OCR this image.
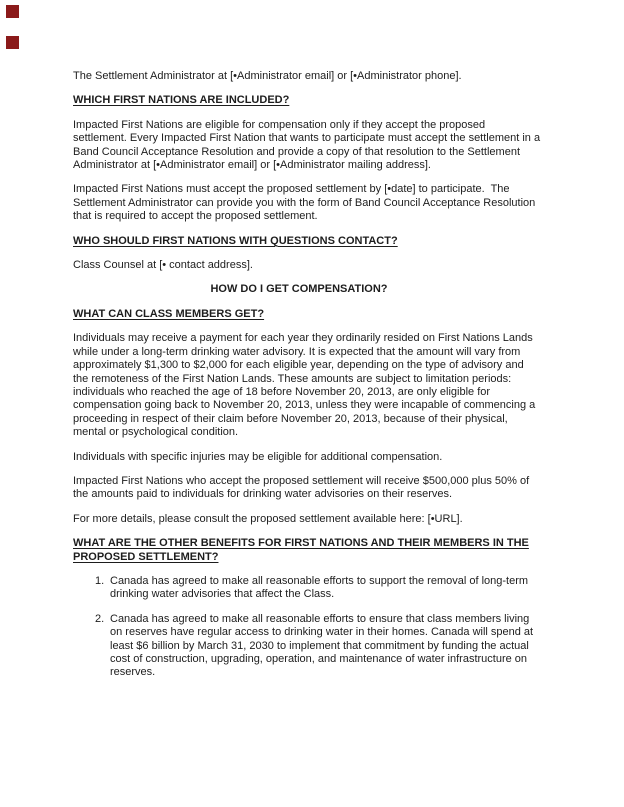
The Settlement Administrator at [•Administrator email] or [•Administrator phone].
WHICH FIRST NATIONS ARE INCLUDED?
Impacted First Nations are eligible for compensation only if they accept the proposed
settlement. Every Impacted First Nation that wants to participate must accept the settlement in a
Band Council Acceptance Resolution and provide a copy of that resolution to the Settlement
Administrator at [•Administrator email] or [•Administrator mailing address].
Impacted First Nations must accept the proposed settlement by [•date] to participate.  The
Settlement Administrator can provide you with the form of Band Council Acceptance Resolution
that is required to accept the proposed settlement.
WHO SHOULD FIRST NATIONS WITH QUESTIONS CONTACT?
Class Counsel at [• contact address].
HOW DO I GET COMPENSATION?
WHAT CAN CLASS MEMBERS GET?
Individuals may receive a payment for each year they ordinarily resided on First Nations Lands
while under a long-term drinking water advisory. It is expected that the amount will vary from
approximately $1,300 to $2,000 for each eligible year, depending on the type of advisory and
the remoteness of the First Nation Lands. These amounts are subject to limitation periods:
individuals who reached the age of 18 before November 20, 2013, are only eligible for
compensation going back to November 20, 2013, unless they were incapable of commencing a
proceeding in respect of their claim before November 20, 2013, because of their physical,
mental or psychological condition.
Individuals with specific injuries may be eligible for additional compensation.
Impacted First Nations who accept the proposed settlement will receive $500,000 plus 50% of
the amounts paid to individuals for drinking water advisories on their reserves.
For more details, please consult the proposed settlement available here: [•URL].
WHAT ARE THE OTHER BENEFITS FOR FIRST NATIONS AND THEIR MEMBERS IN THE
PROPOSED SETTLEMENT?
1. Canada has agreed to make all reasonable efforts to support the removal of long-term
drinking water advisories that affect the Class.
2. Canada has agreed to make all reasonable efforts to ensure that class members living
on reserves have regular access to drinking water in their homes. Canada will spend at
least $6 billion by March 31, 2030 to implement that commitment by funding the actual
cost of construction, upgrading, operation, and maintenance of water infrastructure on
reserves.
